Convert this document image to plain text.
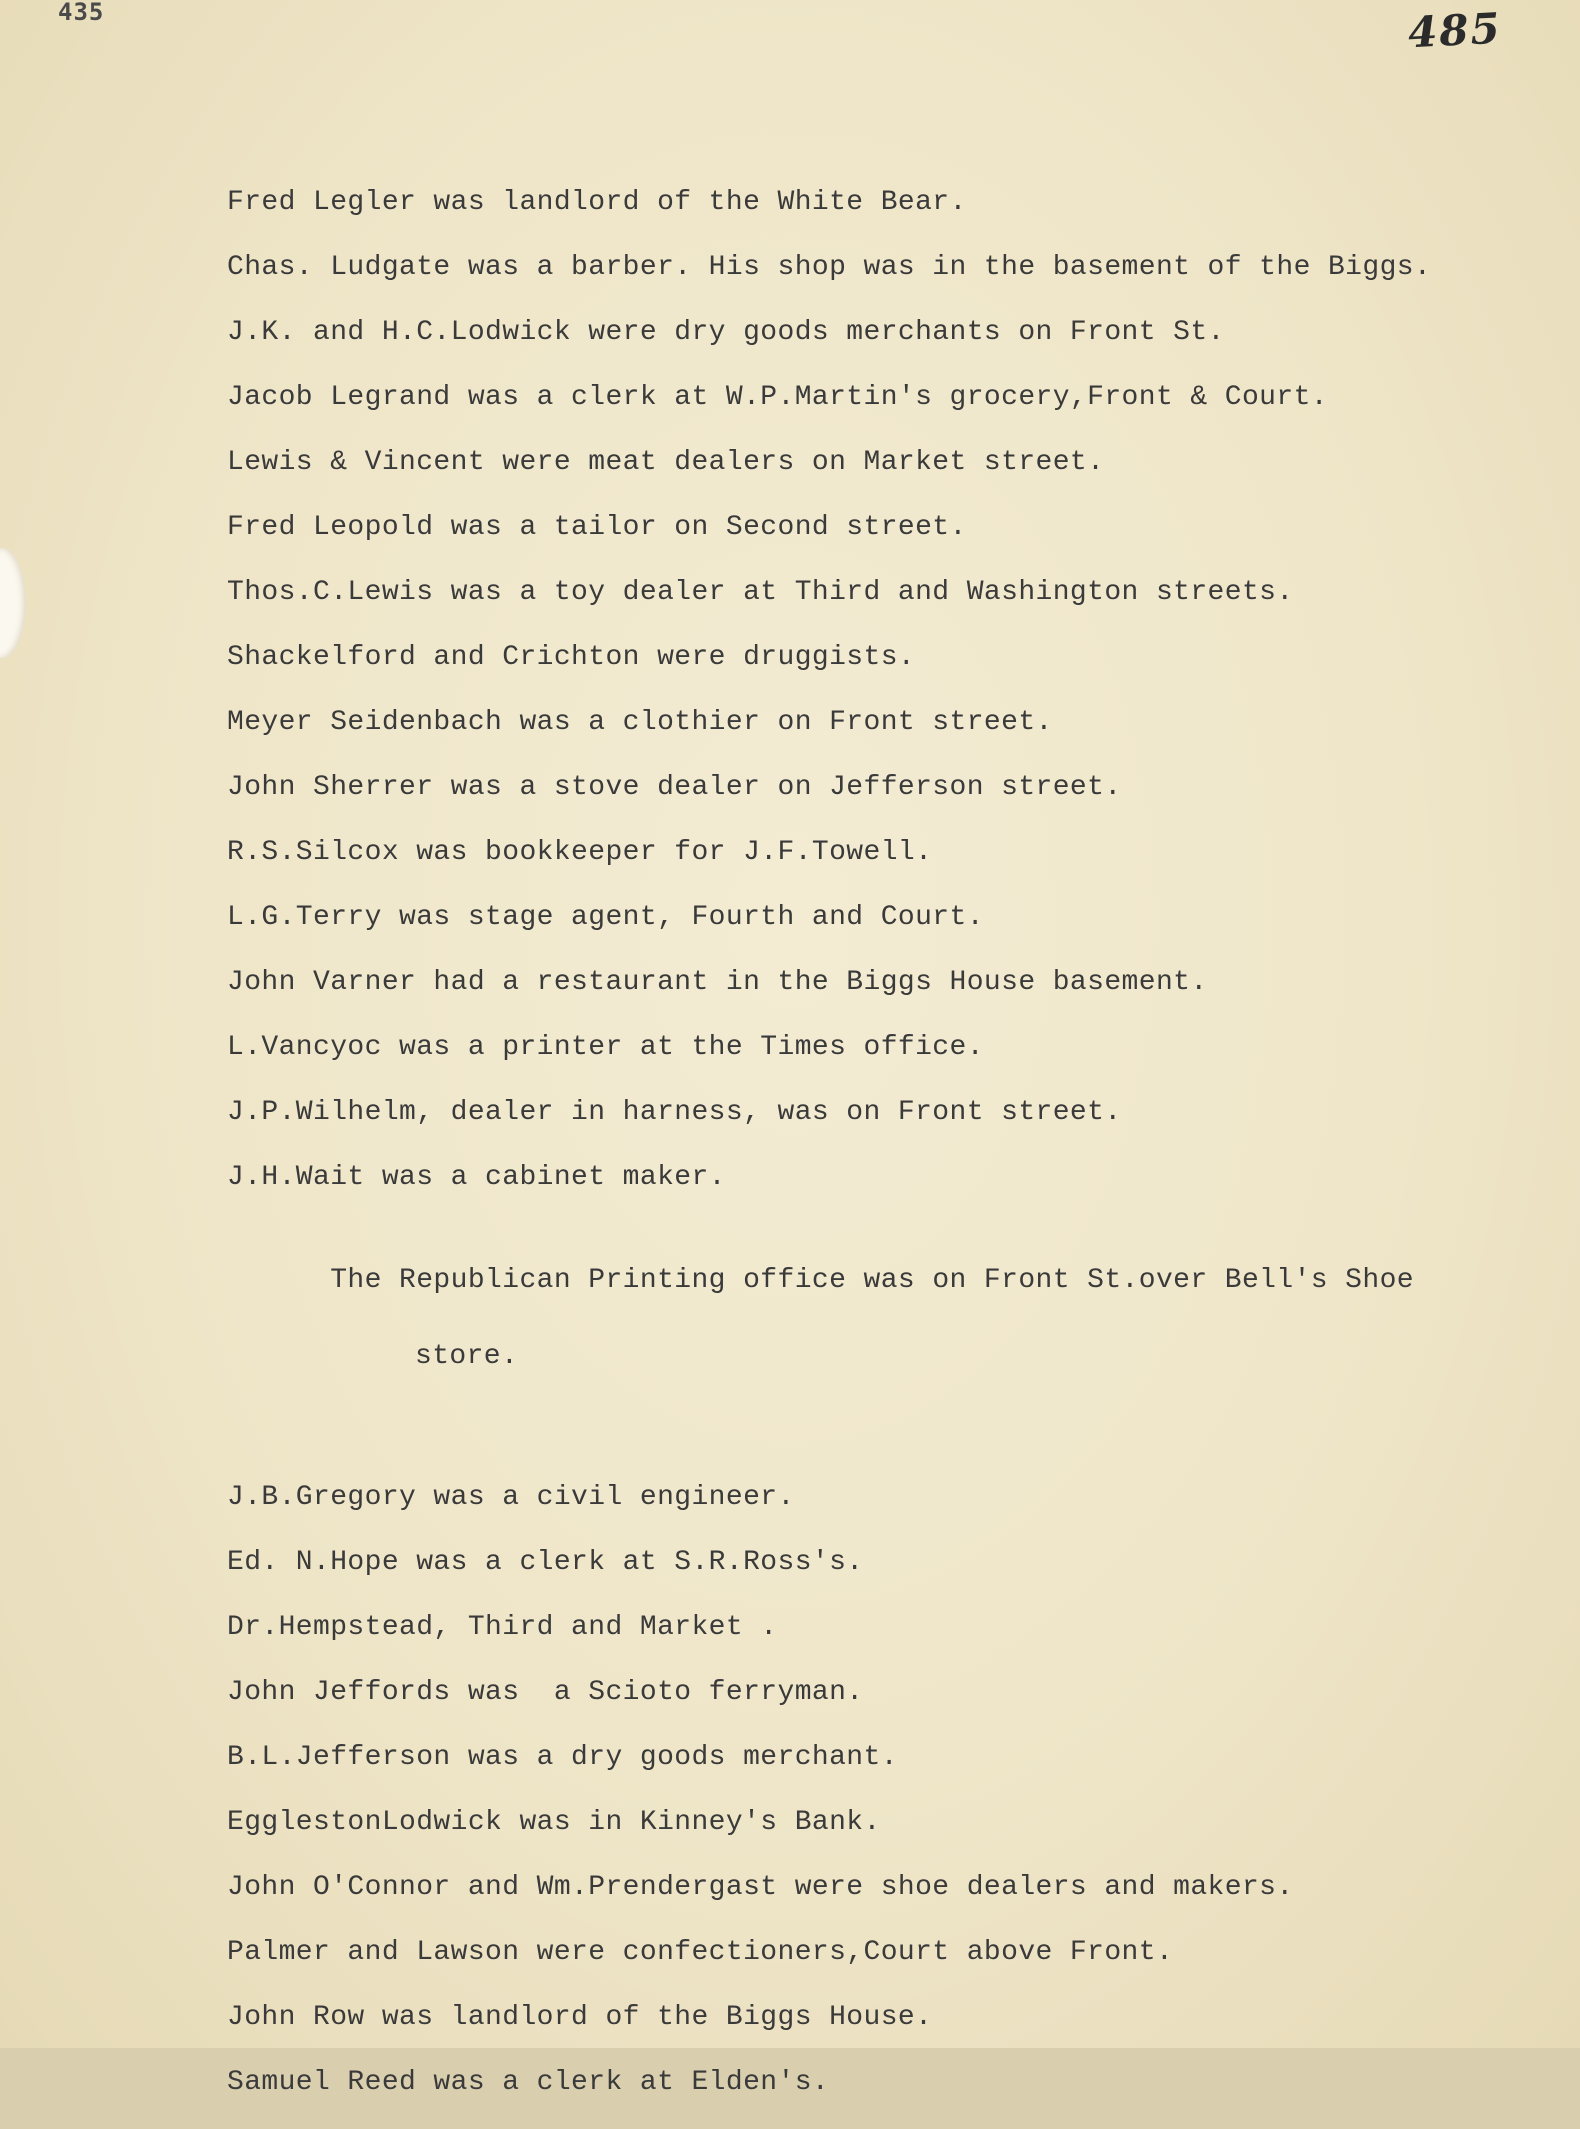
435	485
Fred Legler was landlord of the White Bear.
Chas. Ludgate was a barber. His shop was in the basement of the Biggs.
J.K. and H.C.Lodwick were dry goods merchants on Front St.
Jacob Legrand was a clerk at W.P.Martin's grocery,Front & Court.
Lewis & Vincent were meat dealers on Market street.
Fred Leopold was a tailor on Second street.
Thos.C.Lewis was a toy dealer at Third and Washington streets.
Shackelford and Crichton were druggists.
Meyer Seidenbach was a clothier on Front street.
John Sherrer was a stove dealer on Jefferson street.
R.S.Silcox was bookkeeper for J.F.Towell.
L.G.Terry was stage agent, Fourth and Court.
John Varner had a restaurant in the Biggs House basement.
L.Vancyoc was a printer at the Times office.
J.P.Wilhelm, dealer in harness, was on Front street.
J.H.Wait was a cabinet maker.

The Republican Printing office was on Front St.over Bell's Shoe

store.

J.B.Gregory was a civil engineer.
Ed. N.Hope was a clerk at S.R.Ross's.
Dr.Hempstead, Third and Market .
John Jeffords was  a Scioto ferryman.
B.L.Jefferson was a dry goods merchant.
EgglestonLodwick was in Kinney's Bank.
John O'Connor and Wm.Prendergast were shoe dealers and makers.
Palmer and Lawson were confectioners,Court above Front.
John Row was landlord of the Biggs House.
Samuel Reed was a clerk at Elden's.
